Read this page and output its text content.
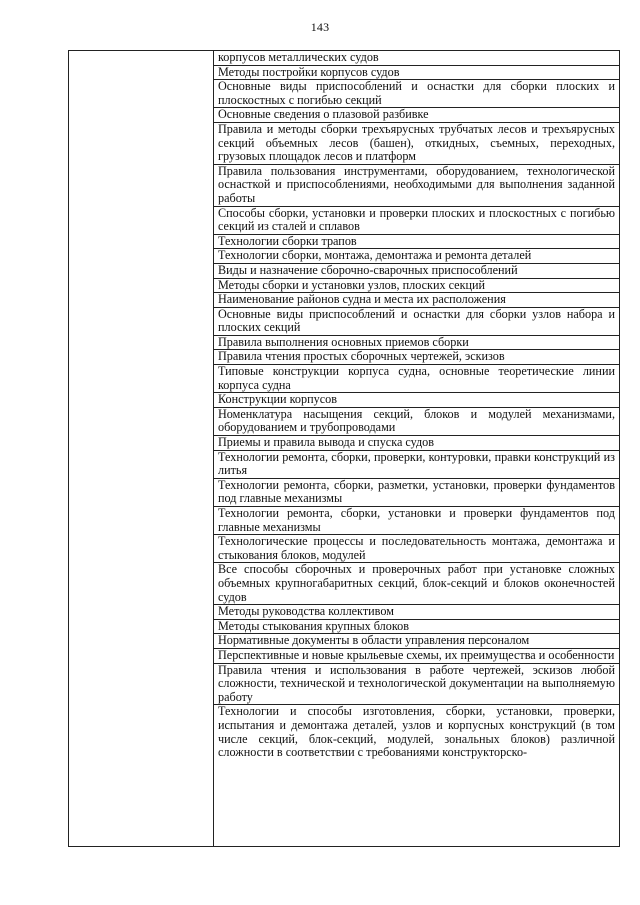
143
корпусов металлических судов
Методы постройки корпусов судов
Основные виды приспособлений и оснастки для сборки плоских и плоскостных с погибью секций
Основные сведения о плазовой разбивке
Правила и методы сборки трехъярусных трубчатых лесов и трехъярусных секций объемных лесов (башен), откидных, съемных, переходных, грузовых площадок лесов и платформ
Правила пользования инструментами, оборудованием, технологической оснасткой и приспособлениями, необходимыми для выполнения заданной работы
Способы сборки, установки и проверки плоских и плоскостных с погибью секций из сталей и сплавов
Технологии сборки трапов
Технологии сборки, монтажа, демонтажа и ремонта деталей
Виды и назначение сборочно-сварочных приспособлений
Методы сборки и установки узлов, плоских секций
Наименование районов судна и места их расположения
Основные виды приспособлений и оснастки для сборки узлов набора и плоских секций
Правила выполнения основных приемов сборки
Правила чтения простых сборочных чертежей, эскизов
Типовые конструкции корпуса судна, основные теоретические линии корпуса судна
Конструкции корпусов
Номенклатура насыщения секций, блоков и модулей механизмами, оборудованием и трубопроводами
Приемы и правила вывода и спуска судов
Технологии ремонта, сборки, проверки, контуровки, правки конструкций из литья
Технологии ремонта, сборки, разметки, установки, проверки фундаментов под главные механизмы
Технологии ремонта, сборки, установки и проверки фундаментов под главные механизмы
Технологические процессы и последовательность монтажа, демонтажа и стыкования блоков, модулей
Все способы сборочных и проверочных работ при установке сложных объемных крупногабаритных секций, блок-секций и блоков оконечностей судов
Методы руководства коллективом
Методы стыкования крупных блоков
Нормативные документы в области управления персоналом
Перспективные и новые крыльевые схемы, их преимущества и особенности
Правила чтения и использования в работе чертежей, эскизов любой сложности, технической и технологической документации на выполняемую работу
Технологии и способы изготовления, сборки, установки, проверки, испытания и демонтажа деталей, узлов и корпусных конструкций (в том числе секций, блок-секций, модулей, зональных блоков) различной сложности в соответствии с требованиями конструкторско-
